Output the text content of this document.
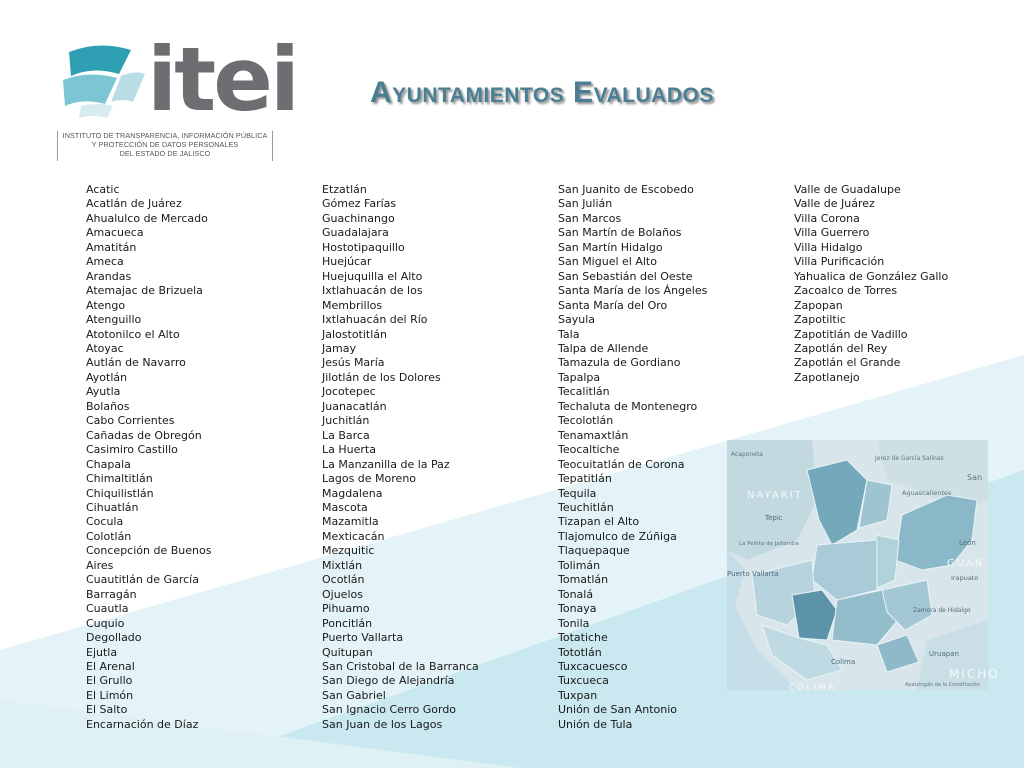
itei
INSTITUTO DE TRANSPARENCIA, INFORMACIÓN PÚBLICA
Y PROTECCIÓN DE DATOS PERSONALES
DEL ESTADO DE JALISCO
Ayuntamientos Evaluados
Acatic
Acatlán de Juárez
Ahualulco de Mercado
Amacueca
Amatitán
Ameca
Arandas
Atemajac de Brizuela
Atengo
Atenguillo
Atotonilco el Alto
Atoyac
Autlán de Navarro
Ayotlán
Ayutla
Bolaños
Cabo Corrientes
Cañadas de Obregón
Casimiro Castillo
Chapala
Chimaltitlán
Chiquilistlán
Cihuatlán
Cocula
Colotlán
Concepción de Buenos Aires
Cuautitlán de García Barragán
Cuautla
Cuquio
Degollado
Ejutla
El Arenal
El Grullo
El Limón
El Salto
Encarnación de Díaz
Etzatlán
Gómez Farías
Guachinango
Guadalajara
Hostotipaquillo
Huejúcar
Huejuquilla el Alto
Ixtlahuacán de los Membrillos
Ixtlahuacán del Río
Jalostotitlán
Jamay
Jesús María
Jilotlán de los Dolores
Jocotepec
Juanacatlán
Juchitlán
La Barca
La Huerta
La Manzanilla de la Paz
Lagos de Moreno
Magdalena
Mascota
Mazamitla
Mexticacán
Mezquitic
Mixtlán
Ocotlán
Ojuelos
Pihuamo
Poncitlán
Puerto Vallarta
Quitupan
San Cristobal de la Barranca
San Diego de Alejandría
San Gabriel
San Ignacio Cerro Gordo
San Juan de los Lagos
San Juanito de Escobedo
San Julián
San Marcos
San Martín de Bolaños
San Martín Hidalgo
San Miguel el Alto
San Sebastián del Oeste
Santa María de los Ángeles
Santa María del Oro
Sayula
Tala
Talpa de Allende
Tamazula de Gordiano
Tapalpa
Tecalitlán
Techaluta de Montenegro
Tecolotlán
Tenamaxtlán
Teocaltiche
Teocuitatlán de Corona
Tepatitlán
Tequila
Teuchitlán
Tizapan el Alto
Tlajomulco de Zúñiga
Tlaquepaque
Tolimán
Tomatlán
Tonalá
Tonaya
Tonila
Totatiche
Tototlán
Tuxcacuesco
Tuxcueca
Tuxpan
Unión de San Antonio
Unión de Tula
Valle de Guadalupe
Valle de Juárez
Villa Corona
Villa Guerrero
Villa Hidalgo
Villa Purificación
Yahualica de González Gallo
Zacoalco de Torres
Zapopan
Zapotiltic
Zapotitlán de Vadillo
Zapotlán del Rey
Zapotlán el Grande
Zapotlanejo
Acaponeta
Jerez de García Salinas
NAYARIT	Aguascalientes
San
Tepic
La Peñita de Jaltemba	León
Puerto Vallarta
GUAN
Irapuato
Zamora de Hidalgo
Colima
Uruapan
COLIMA
MICHO
Apatzingán de la Constitución
